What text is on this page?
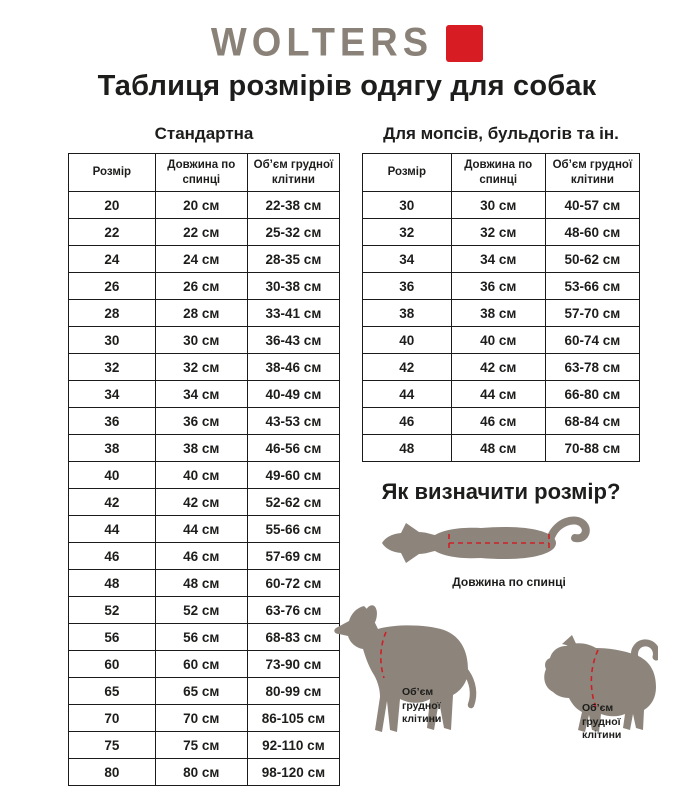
WOLTERS
Таблиця розмірів одягу для собак
Стандартна
Розмір	Довжина по спинці	Об’єм грудної клітини
20	20 см	22-38 см
22	22 см	25-32 см
24	24 см	28-35 см
26	26 см	30-38 см
28	28 см	33-41 см
30	30 см	36-43 см
32	32 см	38-46 см
34	34 см	40-49 см
36	36 см	43-53 см
38	38 см	46-56 см
40	40 см	49-60 см
42	42 см	52-62 см
44	44 см	55-66 см
46	46 см	57-69 см
48	48 см	60-72 см
52	52 см	63-76 см
56	56 см	68-83 см
60	60 см	73-90 см
65	65 см	80-99 см
70	70 см	86-105 см
75	75 см	92-110 см
80	80 см	98-120 см
Для мопсів, бульдогів та ін.
Розмір	Довжина по спинці	Об’єм грудної клітини
30	30 см	40-57 см
32	32 см	48-60 см
34	34 см	50-62 см
36	36 см	53-66 см
38	38 см	57-70 см
40	40 см	60-74 см
42	42 см	63-78 см
44	44 см	66-80 см
46	46 см	68-84 см
48	48 см	70-88 см
Як визначити розмір?
Довжина по спинці
Об’єм
грудної
клітини
Об’єм
грудної
клітини
